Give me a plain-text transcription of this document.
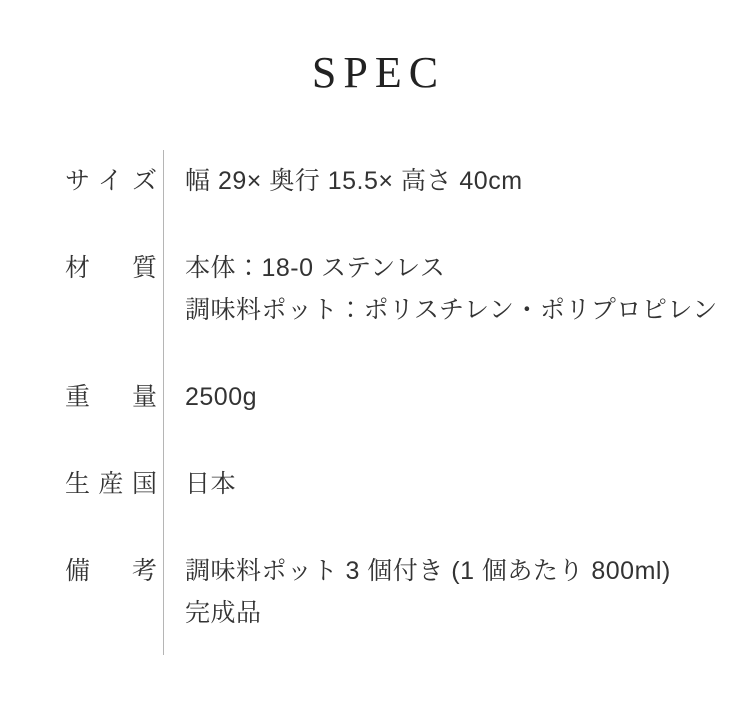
SPEC
サイズ 幅 29× 奥行 15.5× 高さ 40cm
材質 本体：18-0 ステンレス
調味料ポット：ポリスチレン・ポリプロピレン
重量 2500g
生産国 日本
備考 調味料ポット 3 個付き (1 個あたり 800ml)
完成品
